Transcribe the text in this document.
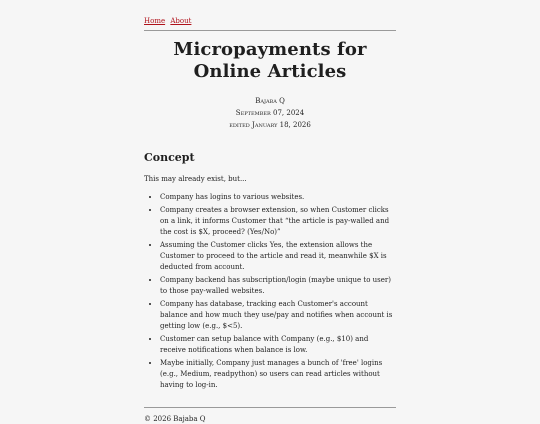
Home About
Micropayments for Online Articles
Bajaba Q
September 07, 2024
edited January 18, 2026
Concept

This may already exist, but...

• Company has logins to various websites.
• Company creates a browser extension, so when Customer clicks on a link, it informs Customer that “the article is pay-walled and the cost is $X, proceed? (Yes/No)”
• Assuming the Customer clicks Yes, the extension allows the Customer to proceed to the article and read it, meanwhile $X is deducted from account.
• Company backend has subscription/login (maybe unique to user) to those pay-walled websites.
• Company has database, tracking each Customer's account balance and how much they use/pay and notifies when account is getting low (e.g., $<5).
• Customer can setup balance with Company (e.g., $10) and receive notifications when balance is low.
• Maybe initially, Company just manages a bunch of 'free' logins (e.g., Medium, readpython) so users can read articles without having to log-in.
© 2026 Bajaba Q
